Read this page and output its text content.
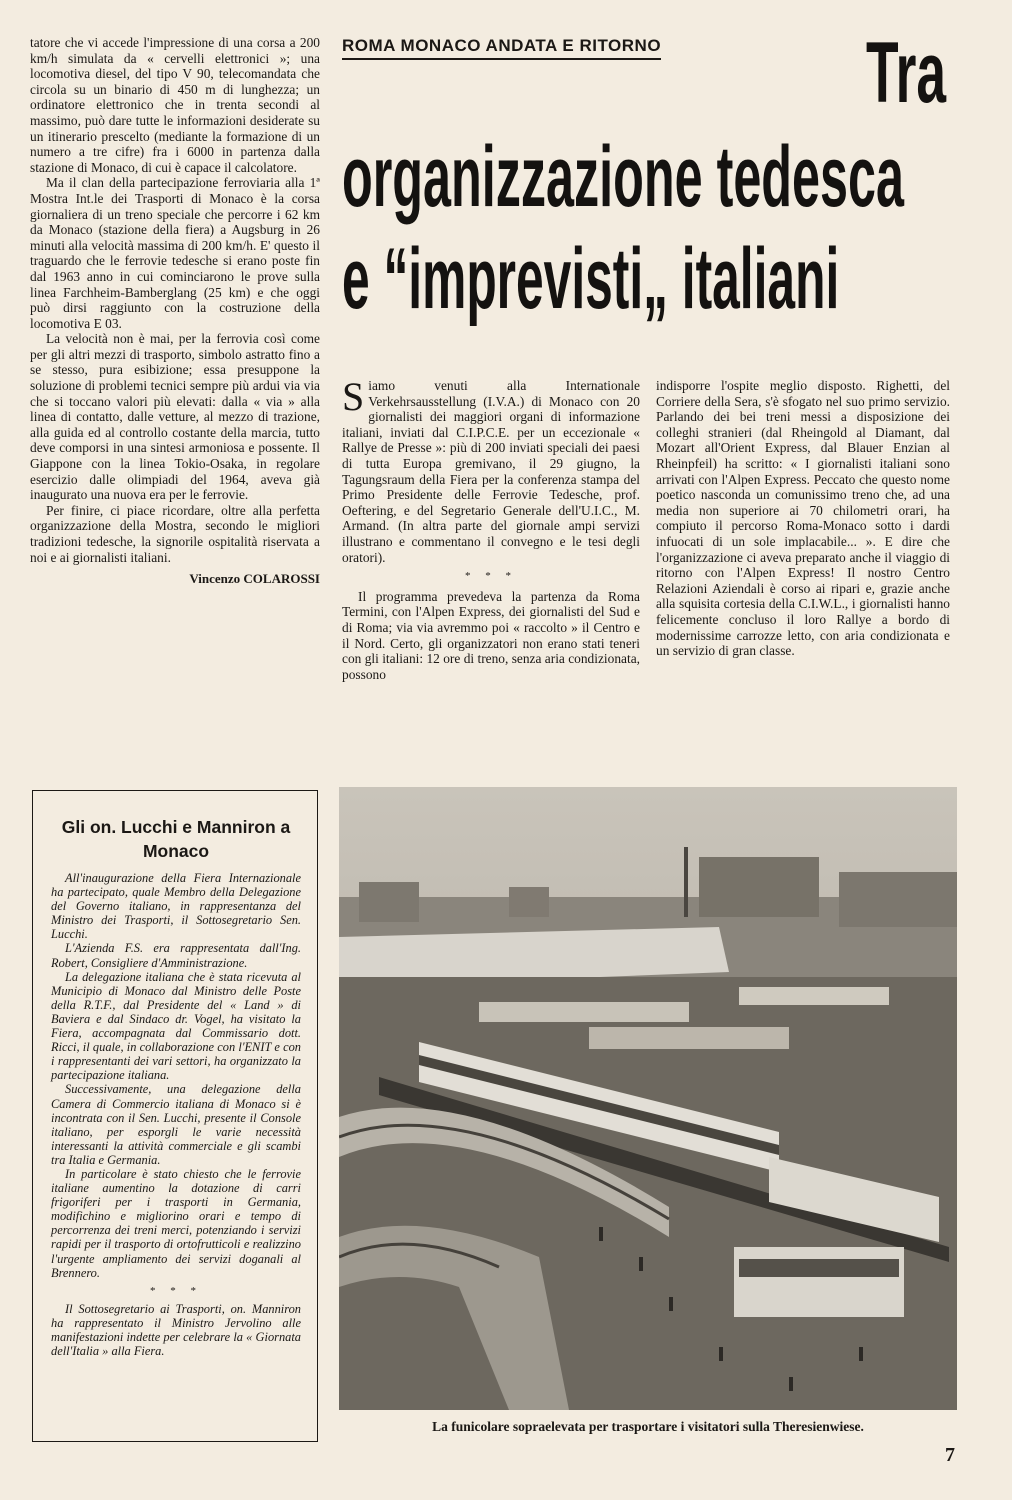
tatore che vi accede l'impressione di una corsa a 200 km/h simulata da « cervelli elettronici »; una locomotiva diesel, del tipo V 90, telecomandata che circola su un binario di 450 m di lunghezza; un ordinatore elettronico che in trenta secondi al massimo, può dare tutte le informazioni desiderate su un itinerario prescelto (mediante la formazione di un numero a tre cifre) fra i 6000 in partenza dalla stazione di Monaco, di cui è capace il calcolatore.

Ma il clan della partecipazione ferroviaria alla 1ª Mostra Int.le dei Trasporti di Monaco è la corsa giornaliera di un treno speciale che percorre i 62 km da Monaco (stazione della fiera) a Augsburg in 26 minuti alla velocità massima di 200 km/h. E' questo il traguardo che le ferrovie tedesche si erano poste fin dal 1963 anno in cui cominciarono le prove sulla linea Farchheim-Bamberglang (25 km) e che oggi può dirsi raggiunto con la costruzione della locomotiva E 03.

La velocità non è mai, per la ferrovia così come per gli altri mezzi di trasporto, simbolo astratto fino a se stesso, pura esibizione; essa presuppone la soluzione di problemi tecnici sempre più ardui via via che si toccano valori più elevati: dalla « via » alla linea di contatto, dalle vetture, al mezzo di trazione, alla guida ed al controllo costante della marcia, tutto deve comporsi in una sintesi armoniosa e possente. Il Giappone con la linea Tokio-Osaka, in regolare esercizio dalle olimpiadi del 1964, aveva già inaugurato una nuova era per le ferrovie.

Per finire, ci piace ricordare, oltre alla perfetta organizzazione della Mostra, secondo le migliori tradizioni tedesche, la signorile ospitalità riservata a noi e ai giornalisti italiani.

Vincenzo COLAROSSI

ROMA MONACO ANDATA E RITORNO Tra
organizzazione tedesca
e “imprevisti„ italiani

Siamo venuti alla Internationale Verkehrsausstellung (I.V.A.) di Monaco con 20 giornalisti dei maggiori organi di informazione italiani, inviati dal C.I.P.C.E. per un eccezionale « Rallye de Presse »: più di 200 inviati speciali dei paesi di tutta Europa gremivano, il 29 giugno, la Tagungsraum della Fiera per la conferenza stampa del Primo Presidente delle Ferrovie Tedesche, prof. Oeftering, e del Segretario Generale dell'U.I.C., M. Armand. (In altra parte del giornale ampi servizi illustrano e commentano il convegno e le tesi degli oratori).

* * *

Il programma prevedeva la partenza da Roma Termini, con l'Alpen Express, dei giornalisti del Sud e di Roma; via via avremmo poi « raccolto » il Centro e il Nord. Certo, gli organizzatori non erano stati teneri con gli italiani: 12 ore di treno, senza aria condizionata, possono

indisporre l'ospite meglio disposto. Righetti, del Corriere della Sera, s'è sfogato nel suo primo servizio. Parlando dei bei treni messi a disposizione dei colleghi stranieri (dal Rheingold al Diamant, dal Mozart all'Orient Express, dal Blauer Enzian al Rheinpfeil) ha scritto: « I giornalisti italiani sono arrivati con l'Alpen Express. Peccato che questo nome poetico nasconda un comunissimo treno che, ad una media non superiore ai 70 chilometri orari, ha compiuto il percorso Roma-Monaco sotto i dardi infuocati di un sole implacabile... ». E dire che l'organizzazione ci aveva preparato anche il viaggio di ritorno con l'Alpen Express! Il nostro Centro Relazioni Aziendali è corso ai ripari e, grazie anche alla squisita cortesia della C.I.W.L., i giornalisti hanno felicemente concluso il loro Rallye a bordo di modernissime carrozze letto, con aria condizionata e un servizio di gran classe.

Gli on. Lucchi e Manniron a Monaco

All'inaugurazione della Fiera Internazionale ha partecipato, quale Membro della Delegazione del Governo italiano, in rappresentanza del Ministro dei Trasporti, il Sottosegretario Sen. Lucchi.

L'Azienda F.S. era rappresentata dall'Ing. Robert, Consigliere d'Amministrazione.

La delegazione italiana che è stata ricevuta al Municipio di Monaco dal Ministro delle Poste della R.T.F., dal Presidente del « Land » di Baviera e dal Sindaco dr. Vogel, ha visitato la Fiera, accompagnata dal Commissario dott. Ricci, il quale, in collaborazione con l'ENIT e con i rappresentanti dei vari settori, ha organizzato la partecipazione italiana.

Successivamente, una delegazione della Camera di Commercio italiana di Monaco si è incontrata con il Sen. Lucchi, presente il Console italiano, per esporgli le varie necessità interessanti la attività commerciale e gli scambi tra Italia e Germania.

In particolare è stato chiesto che le ferrovie italiane aumentino la dotazione di carri frigoriferi per i trasporti in Germania, modifichino e migliorino orari e tempo di percorrenza dei treni merci, potenziando i servizi rapidi per il trasporto di ortofrutticoli e realizzino l'urgente ampliamento dei servizi doganali al Brennero.

* * *

Il Sottosegretario ai Trasporti, on. Manniron ha rappresentato il Ministro Jervolino alle manifestazioni indette per celebrare la « Giornata dell'Italia » alla Fiera.

La funicolare sopraelevata per trasportare i visitatori sulla Theresienwiese.
7
